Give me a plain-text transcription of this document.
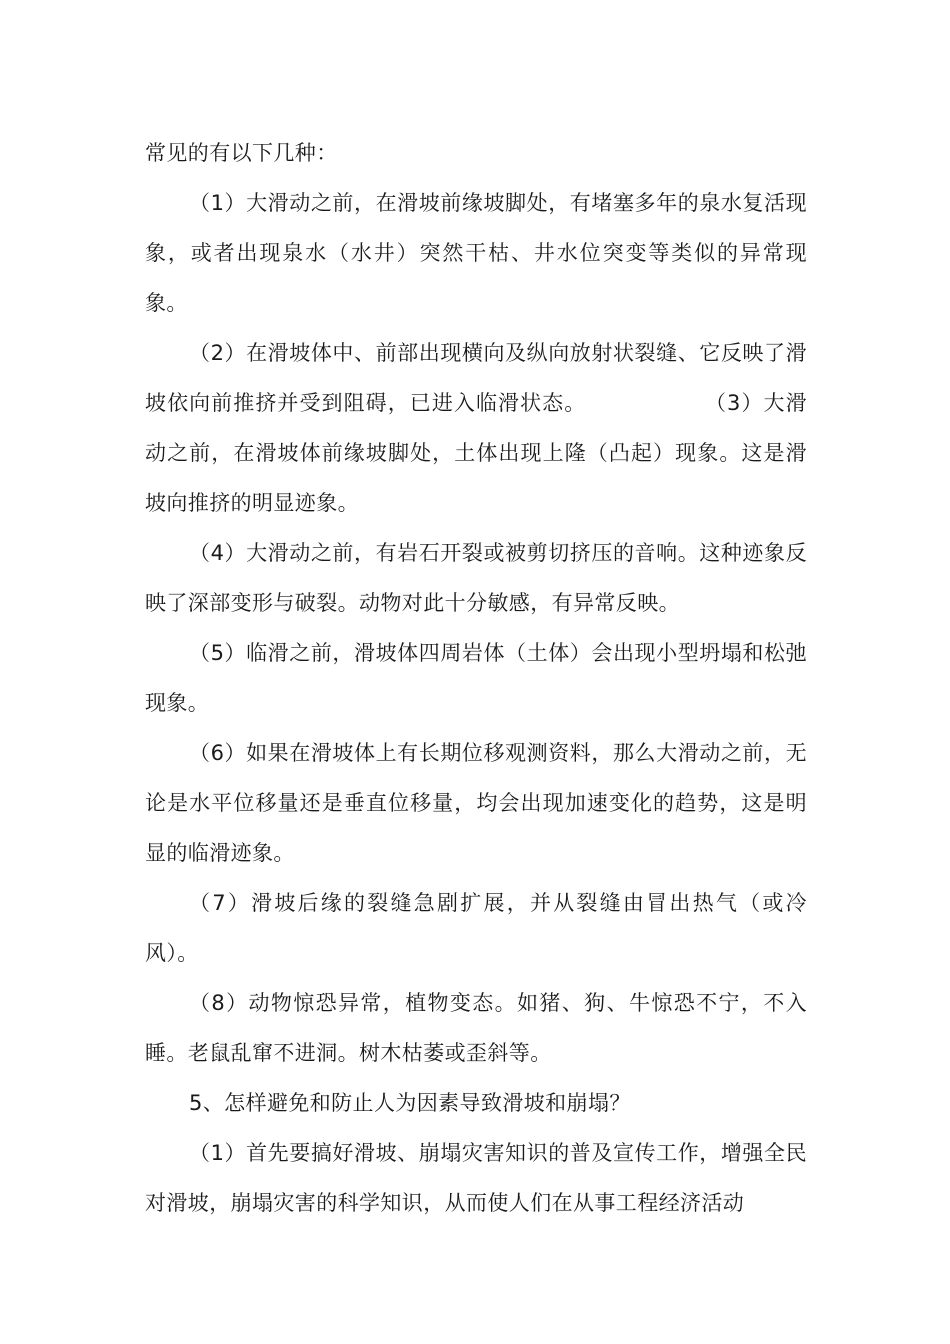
常见的有以下几种：

（1）大滑动之前，在滑坡前缘坡脚处，有堵塞多年的泉水复活现象，或者出现泉水（水井）突然干枯、井水位突变等类似的异常现象。

（2）在滑坡体中、前部出现横向及纵向放射状裂缝、它反映了滑坡依向前推挤并受到阻碍，已进入临滑状态。	（3）大滑动之前，在滑坡体前缘坡脚处，土体出现上隆（凸起）现象。这是滑坡向推挤的明显迹象。

（4）大滑动之前，有岩石开裂或被剪切挤压的音响。这种迹象反映了深部变形与破裂。动物对此十分敏感，有异常反映。

（5）临滑之前，滑坡体四周岩体（土体）会出现小型坍塌和松弛现象。

（6）如果在滑坡体上有长期位移观测资料，那么大滑动之前，无论是水平位移量还是垂直位移量，均会出现加速变化的趋势，这是明显的临滑迹象。

（7）滑坡后缘的裂缝急剧扩展，并从裂缝由冒出热气（或冷风）。

（8）动物惊恐异常，植物变态。如猪、狗、牛惊恐不宁，不入睡。老鼠乱窜不进洞。树木枯萎或歪斜等。

5、怎样避免和防止人为因素导致滑坡和崩塌？

（1）首先要搞好滑坡、崩塌灾害知识的普及宣传工作，增强全民对滑坡，崩塌灾害的科学知识，从而使人们在从事工程经济活动
